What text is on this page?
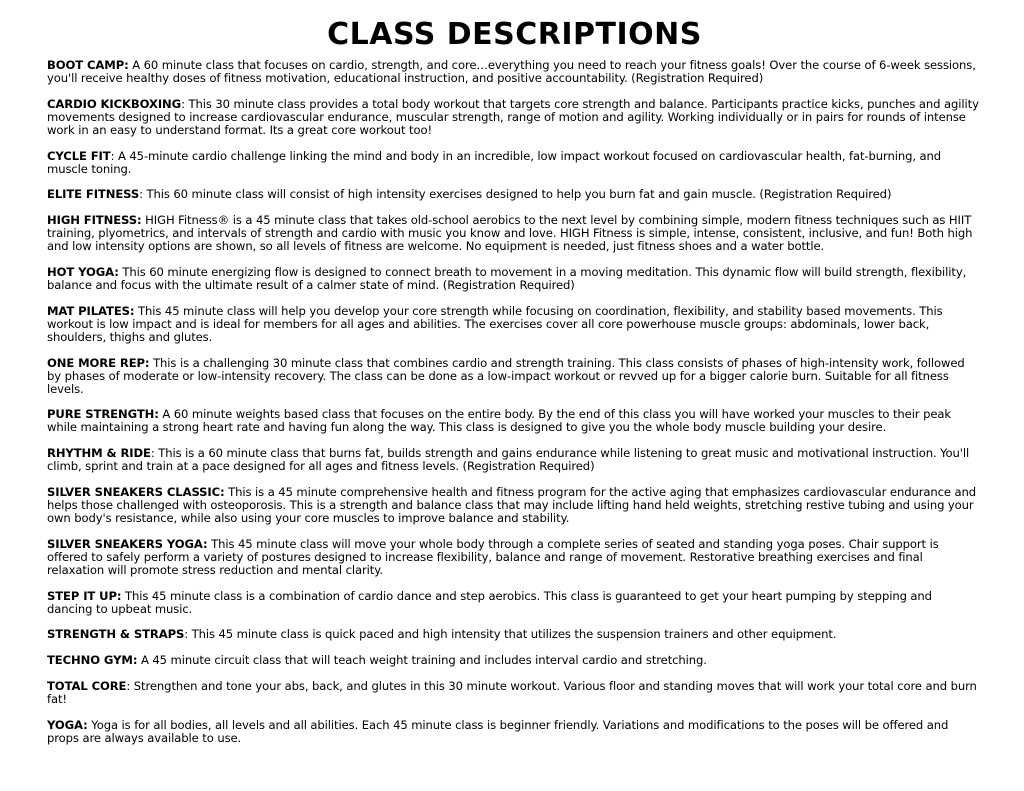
CLASS DESCRIPTIONS

BOOT CAMP: A 60 minute class that focuses on cardio, strength, and core…everything you need to reach your fitness goals! Over the course of 6-week sessions, you'll receive healthy doses of fitness motivation, educational instruction, and positive accountability. (Registration Required)

CARDIO KICKBOXING: This 30 minute class provides a total body workout that targets core strength and balance. Participants practice kicks, punches and agility movements designed to increase cardiovascular endurance, muscular strength, range of motion and agility. Working individually or in pairs for rounds of intense work in an easy to understand format. Its a great core workout too!

CYCLE FIT: A 45-minute cardio challenge linking the mind and body in an incredible, low impact workout focused on cardiovascular health, fat-burning, and muscle toning.

ELITE FITNESS: This 60 minute class will consist of high intensity exercises designed to help you burn fat and gain muscle. (Registration Required)

HIGH FITNESS: HIGH Fitness® is a 45 minute class that takes old-school aerobics to the next level by combining simple, modern fitness techniques such as HIIT training, plyometrics, and intervals of strength and cardio with music you know and love. HIGH Fitness is simple, intense, consistent, inclusive, and fun! Both high and low intensity options are shown, so all levels of fitness are welcome. No equipment is needed, just fitness shoes and a water bottle.

HOT YOGA: This 60 minute energizing flow is designed to connect breath to movement in a moving meditation. This dynamic flow will build strength, flexibility, balance and focus with the ultimate result of a calmer state of mind. (Registration Required)

MAT PILATES: This 45 minute class will help you develop your core strength while focusing on coordination, flexibility, and stability based movements. This workout is low impact and is ideal for members for all ages and abilities. The exercises cover all core powerhouse muscle groups: abdominals, lower back, shoulders, thighs and glutes.

ONE MORE REP: This is a challenging 30 minute class that combines cardio and strength training. This class consists of phases of high-intensity work, followed by phases of moderate or low-intensity recovery. The class can be done as a low-impact workout or revved up for a bigger calorie burn. Suitable for all fitness levels.

PURE STRENGTH: A 60 minute weights based class that focuses on the entire body. By the end of this class you will have worked your muscles to their peak while maintaining a strong heart rate and having fun along the way. This class is designed to give you the whole body muscle building your desire.

RHYTHM & RIDE: This is a 60 minute class that burns fat, builds strength and gains endurance while listening to great music and motivational instruction. You'll climb, sprint and train at a pace designed for all ages and fitness levels. (Registration Required)

SILVER SNEAKERS CLASSIC: This is a 45 minute comprehensive health and fitness program for the active aging that emphasizes cardiovascular endurance and helps those challenged with osteoporosis. This is a strength and balance class that may include lifting hand held weights, stretching restive tubing and using your own body's resistance, while also using your core muscles to improve balance and stability.

SILVER SNEAKERS YOGA: This 45 minute class will move your whole body through a complete series of seated and standing yoga poses. Chair support is offered to safely perform a variety of postures designed to increase flexibility, balance and range of movement. Restorative breathing exercises and final relaxation will promote stress reduction and mental clarity.

STEP IT UP: This 45 minute class is a combination of cardio dance and step aerobics. This class is guaranteed to get your heart pumping by stepping and dancing to upbeat music.

STRENGTH & STRAPS: This 45 minute class is quick paced and high intensity that utilizes the suspension trainers and other equipment.

TECHNO GYM: A 45 minute circuit class that will teach weight training and includes interval cardio and stretching.

TOTAL CORE: Strengthen and tone your abs, back, and glutes in this 30 minute workout. Various floor and standing moves that will work your total core and burn fat!

YOGA: Yoga is for all bodies, all levels and all abilities. Each 45 minute class is beginner friendly. Variations and modifications to the poses will be offered and props are always available to use.
